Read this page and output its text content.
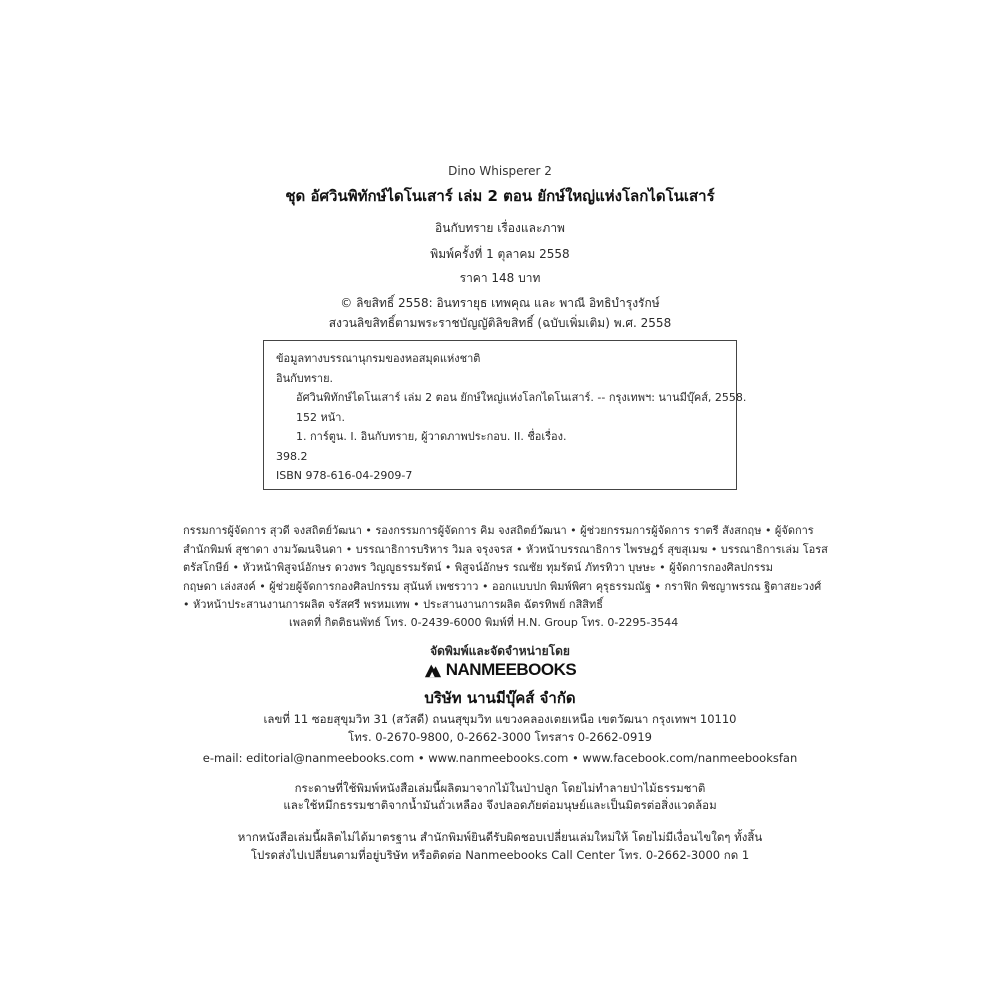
Dino Whisperer 2
ชุด อัศวินพิทักษ์ไดโนเสาร์ เล่ม 2 ตอน ยักษ์ใหญ่แห่งโลกไดโนเสาร์
อินกับทราย เรื่องและภาพ
พิมพ์ครั้งที่ 1 ตุลาคม 2558
ราคา 148 บาท
© ลิขสิทธิ์ 2558: อินทรายุธ เทพคุณ และ พาณี อิทธิบำรุงรักษ์
สงวนลิขสิทธิ์ตามพระราชบัญญัติลิขสิทธิ์ (ฉบับเพิ่มเติม) พ.ศ. 2558
ข้อมูลทางบรรณานุกรมของหอสมุดแห่งชาติ
อินกับทราย.
อัศวินพิทักษ์ไดโนเสาร์ เล่ม 2 ตอน ยักษ์ใหญ่แห่งโลกไดโนเสาร์. -- กรุงเทพฯ: นานมีบุ๊คส์, 2558.
152 หน้า.
1. การ์ตูน. I. อินกับทราย, ผู้วาดภาพประกอบ. II. ชื่อเรื่อง.
398.2
ISBN 978-616-04-2909-7
กรรมการผู้จัดการ สุวดี จงสถิตย์วัฒนา • รองกรรมการผู้จัดการ คิม จงสถิตย์วัฒนา • ผู้ช่วยกรรมการผู้จัดการ ราตรี สังสกฤษ • ผู้จัดการ
สำนักพิมพ์ สุชาดา งามวัฒนจินดา • บรรณาธิการบริหาร วิมล จรุงจรส • หัวหน้าบรรณาธิการ ไพรษฎร์ สุขสุเมฆ • บรรณาธิการเล่ม โอรส
ตรัสโกษีย์ • หัวหน้าพิสูจน์อักษร ดวงพร วิญญูธรรมรัตน์ • พิสูจน์อักษร รณชัย ทุมรัตน์ ภัทรทิวา บุษษะ • ผู้จัดการกองศิลปกรรม
กฤษดา เล่งสงค์ • ผู้ช่วยผู้จัดการกองศิลปกรรม สุนันท์ เพชรวาว • ออกแบบปก พิมพ์พิศา คุรุธรรมณัฐ • กราฟิก พิชญาพรรณ ฐิตาสยะวงศ์
• หัวหน้าประสานงานการผลิต จรัสศรี พรหมเทพ • ประสานงานการผลิต ฉัตรทิพย์ กสิสิทธิ์
เพลตที่ กิตติธนพัทธ์ โทร. 0-2439-6000 พิมพ์ที่ H.N. Group โทร. 0-2295-3544
จัดพิมพ์และจัดจำหน่ายโดย
NANMEEBOOKS
บริษัท นานมีบุ๊คส์ จำกัด
เลขที่ 11 ซอยสุขุมวิท 31 (สวัสดี) ถนนสุขุมวิท แขวงคลองเตยเหนือ เขตวัฒนา กรุงเทพฯ 10110
โทร. 0-2670-9800, 0-2662-3000 โทรสาร 0-2662-0919
e-mail: editorial@nanmeebooks.com • www.nanmeebooks.com • www.facebook.com/nanmeebooksfan
กระดาษที่ใช้พิมพ์หนังสือเล่มนี้ผลิตมาจากไม้ในป่าปลูก โดยไม่ทำลายป่าไม้ธรรมชาติ
และใช้หมึกธรรมชาติจากน้ำมันถั่วเหลือง จึงปลอดภัยต่อมนุษย์และเป็นมิตรต่อสิ่งแวดล้อม
หากหนังสือเล่มนี้ผลิตไม่ได้มาตรฐาน สำนักพิมพ์ยินดีรับผิดชอบเปลี่ยนเล่มใหม่ให้ โดยไม่มีเงื่อนไขใดๆ ทั้งสิ้น
โปรดส่งไปเปลี่ยนตามที่อยู่บริษัท หรือติดต่อ Nanmeebooks Call Center โทร. 0-2662-3000 กด 1
